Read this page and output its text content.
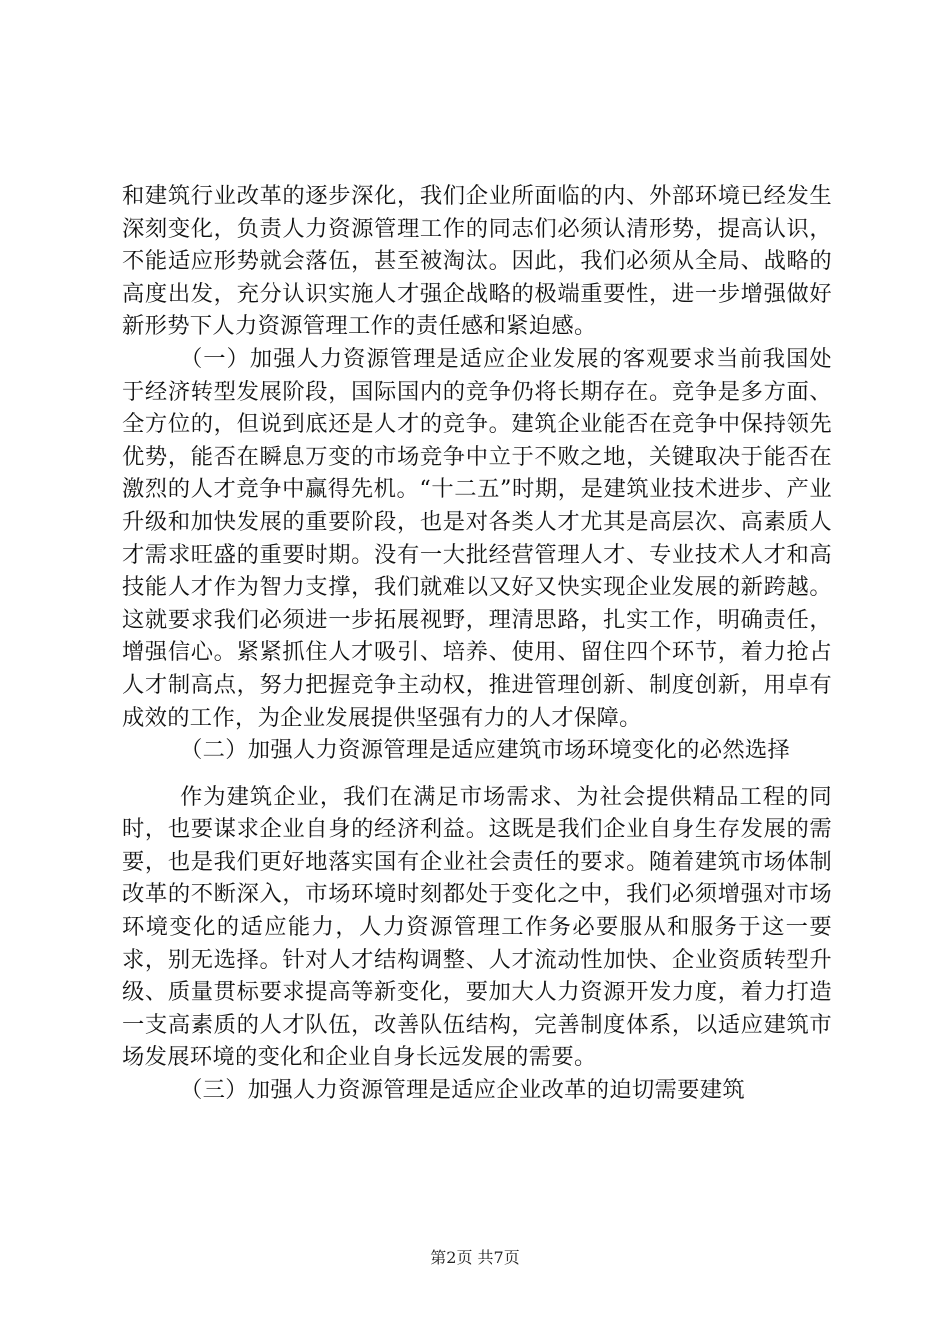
和建筑行业改革的逐步深化，我们企业所面临的内、外部环境已经发生深刻变化，负责人力资源管理工作的同志们必须认清形势，提高认识，不能适应形势就会落伍，甚至被淘汰。因此，我们必须从全局、战略的高度出发，充分认识实施人才强企战略的极端重要性，进一步增强做好新形势下人力资源管理工作的责任感和紧迫感。

（一）加强人力资源管理是适应企业发展的客观要求当前我国处于经济转型发展阶段，国际国内的竞争仍将长期存在。竞争是多方面、全方位的，但说到底还是人才的竞争。建筑企业能否在竞争中保持领先优势，能否在瞬息万变的市场竞争中立于不败之地，关键取决于能否在激烈的人才竞争中赢得先机。“十二五”时期，是建筑业技术进步、产业升级和加快发展的重要阶段，也是对各类人才尤其是高层次、高素质人才需求旺盛的重要时期。没有一大批经营管理人才、专业技术人才和高技能人才作为智力支撑，我们就难以又好又快实现企业发展的新跨越。这就要求我们必须进一步拓展视野，理清思路，扎实工作，明确责任，增强信心。紧紧抓住人才吸引、培养、使用、留住四个环节，着力抢占人才制高点，努力把握竞争主动权，推进管理创新、制度创新，用卓有成效的工作，为企业发展提供坚强有力的人才保障。

（二）加强人力资源管理是适应建筑市场环境变化的必然选择

作为建筑企业，我们在满足市场需求、为社会提供精品工程的同时，也要谋求企业自身的经济利益。这既是我们企业自身生存发展的需要，也是我们更好地落实国有企业社会责任的要求。随着建筑市场体制改革的不断深入，市场环境时刻都处于变化之中，我们必须增强对市场环境变化的适应能力，人力资源管理工作务必要服从和服务于这一要求，别无选择。针对人才结构调整、人才流动性加快、企业资质转型升级、质量贯标要求提高等新变化，要加大人力资源开发力度，着力打造一支高素质的人才队伍，改善队伍结构，完善制度体系，以适应建筑市场发展环境的变化和企业自身长远发展的需要。

（三）加强人力资源管理是适应企业改革的迫切需要建筑

第2页 共7页
